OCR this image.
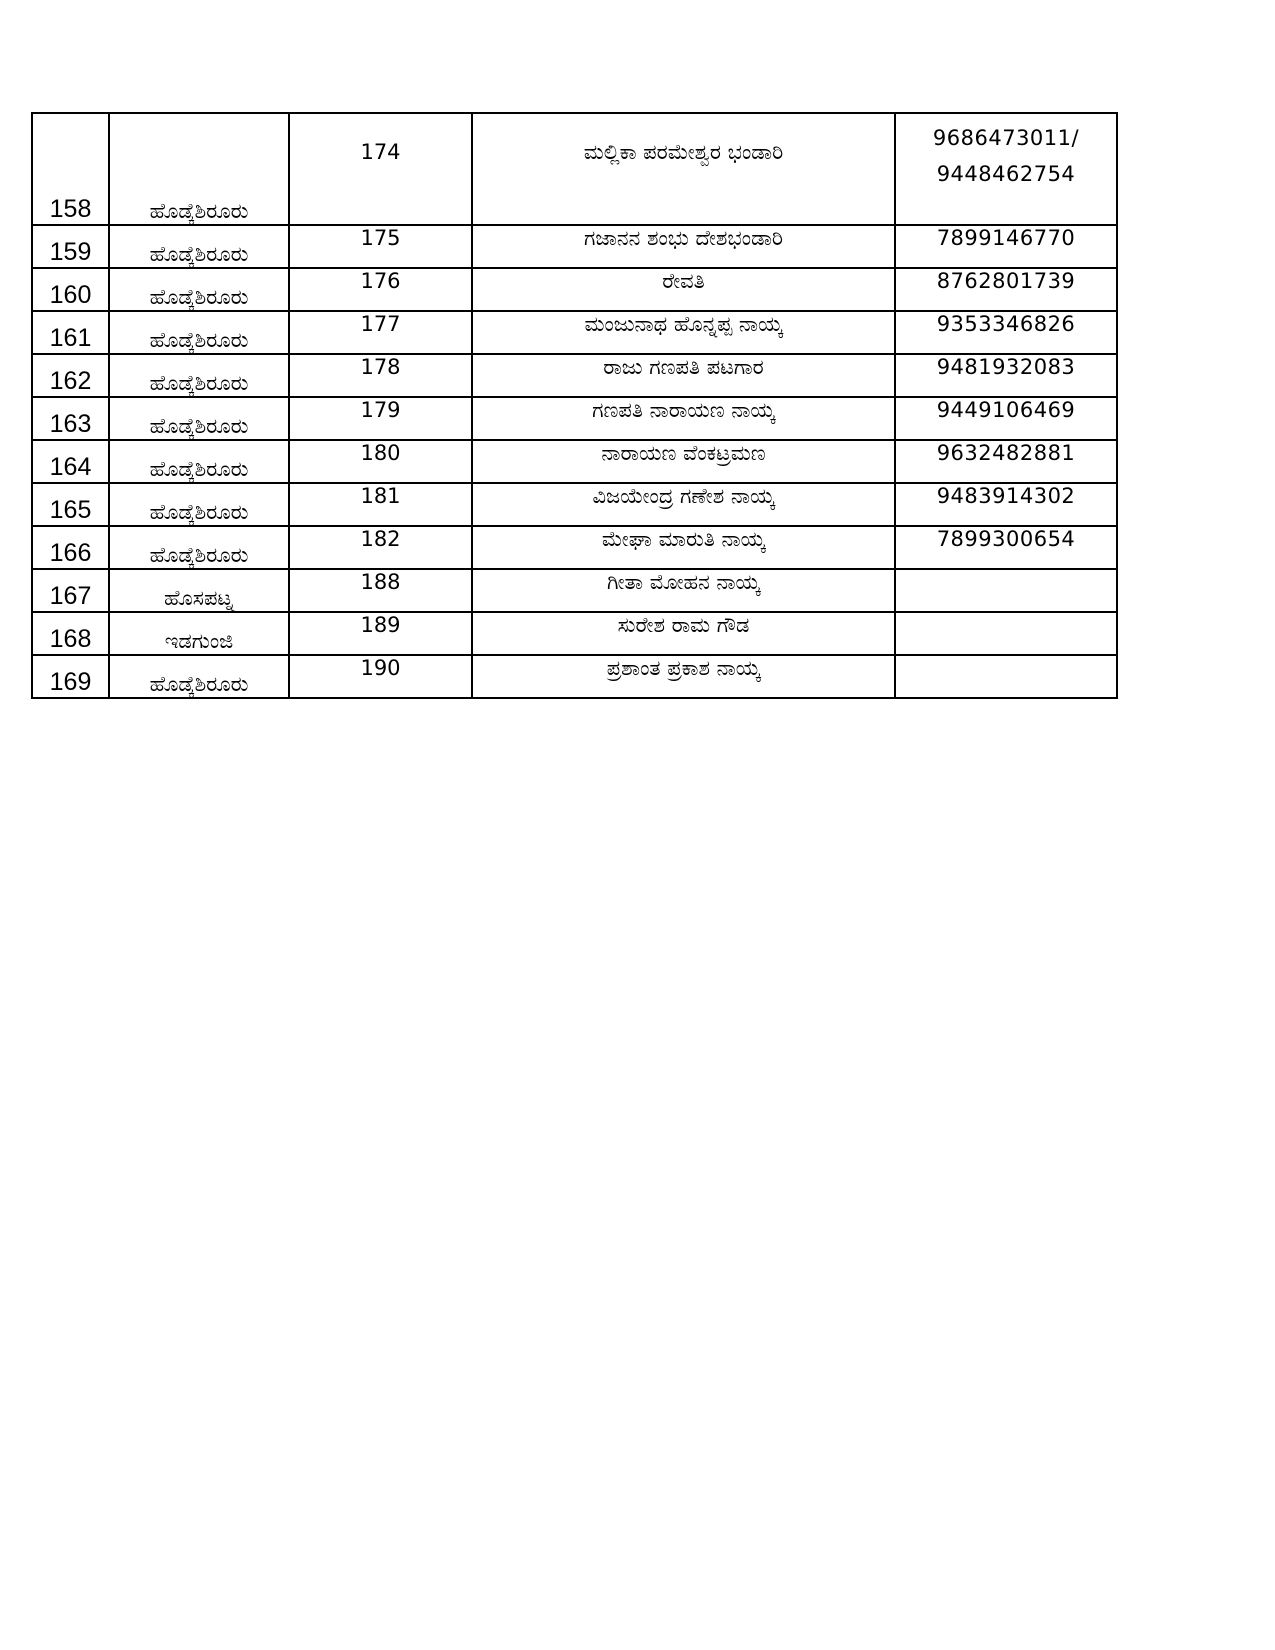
158	ಹೊಡ್ಕೆಶಿರೂರು	174	ಮಲ್ಲಿಕಾ ಪರಮೇಶ್ವರ ಭಂಡಾರಿ	9686473011/
9448462754

159	ಹೊಡ್ಕೆಶಿರೂರು	175	ಗಜಾನನ ಶಂಭು ದೇಶಭಂಡಾರಿ	7899146770
160	ಹೊಡ್ಕೆಶಿರೂರು	176	ರೇವತಿ	8762801739
161	ಹೊಡ್ಕೆಶಿರೂರು	177	ಮಂಜುನಾಥ ಹೊನ್ನಪ್ಪ ನಾಯ್ಕ	9353346826
162	ಹೊಡ್ಕೆಶಿರೂರು	178	ರಾಜು ಗಣಪತಿ ಪಟಗಾರ	9481932083
163	ಹೊಡ್ಕೆಶಿರೂರು	179	ಗಣಪತಿ ನಾರಾಯಣ ನಾಯ್ಕ	9449106469
164	ಹೊಡ್ಕೆಶಿರೂರು	180	ನಾರಾಯಣ ವೆಂಕಟ್ರಮಣ	9632482881
165	ಹೊಡ್ಕೆಶಿರೂರು	181	ವಿಜಯೇಂದ್ರ ಗಣೇಶ ನಾಯ್ಕ	9483914302
166	ಹೊಡ್ಕೆಶಿರೂರು	182	ಮೇಘಾ ಮಾರುತಿ ನಾಯ್ಕ	7899300654
167	ಹೊಸಪಟ್ನ	188	ಗೀತಾ ಮೋಹನ ನಾಯ್ಕ	
168	ಇಡಗುಂಜಿ	189	ಸುರೇಶ ರಾಮ ಗೌಡ	
169	ಹೊಡ್ಕೆಶಿರೂರು	190	ಪ್ರಶಾಂತ ಪ್ರಕಾಶ ನಾಯ್ಕ	
